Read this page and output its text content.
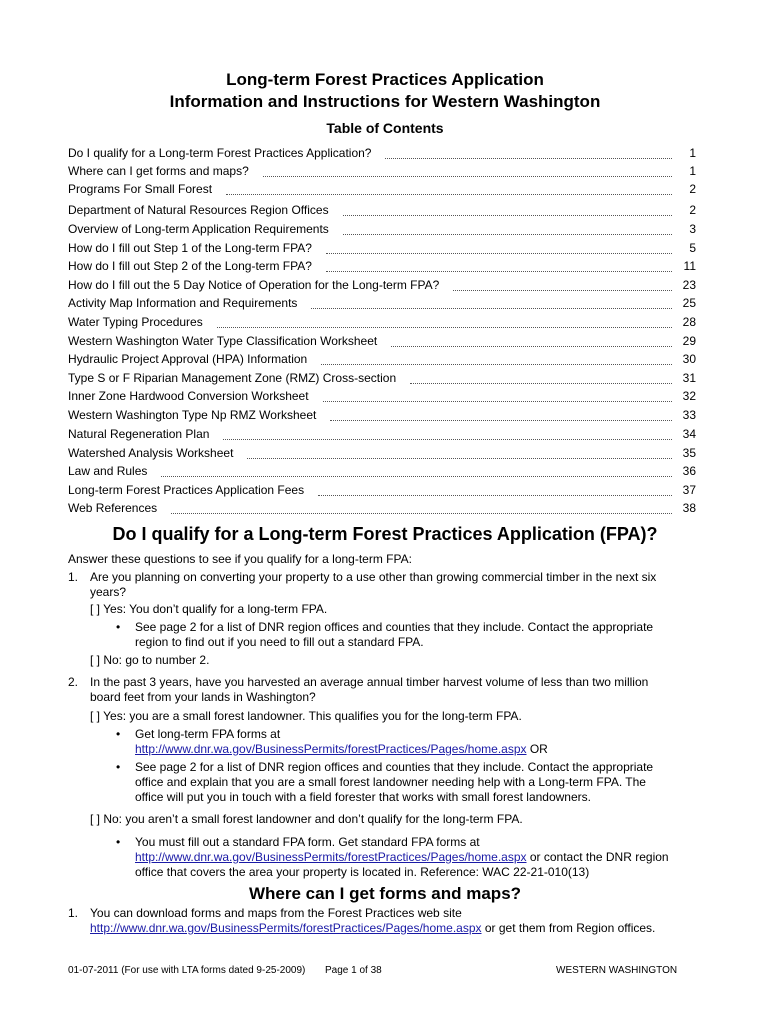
Long-term Forest Practices Application
Information and Instructions for Western Washington
Table of Contents
Do I qualify for a Long-term Forest Practices Application?	1
Where can I get forms and maps?	1
Programs For Small Forest	2
Department of Natural Resources Region Offices	2
Overview of Long-term Application Requirements	3
How do I fill out Step 1 of the Long-term FPA?	5
How do I fill out Step 2 of the Long-term FPA?	11
How do I fill out the 5 Day Notice of Operation for the Long-term FPA?	23
Activity Map Information and Requirements	25
Water Typing Procedures	28
Western Washington Water Type Classification Worksheet	29
Hydraulic Project Approval (HPA) Information	30
Type S or F Riparian Management Zone (RMZ) Cross-section	31
Inner Zone Hardwood Conversion Worksheet	32
Western Washington Type Np RMZ Worksheet	33
Natural Regeneration Plan	34
Watershed Analysis Worksheet	35
Law and Rules	36
Long-term Forest Practices Application Fees	37
Web References	38
Do I qualify for a Long-term Forest Practices Application (FPA)?
Answer these questions to see if you qualify for a long-term FPA:
1. Are you planning on converting your property to a use other than growing commercial timber in the next six
years?
[ ] Yes: You don’t qualify for a long-term FPA.
• See page 2 for a list of DNR region offices and counties that they include. Contact the appropriate
region to find out if you need to fill out a standard FPA.
[ ] No: go to number 2.
2. In the past 3 years, have you harvested an average annual timber harvest volume of less than two million
board feet from your lands in Washington?
[ ] Yes: you are a small forest landowner. This qualifies you for the long-term FPA.
• Get long-term FPA forms at
http://www.dnr.wa.gov/BusinessPermits/forestPractices/Pages/home.aspx OR
• See page 2 for a list of DNR region offices and counties that they include. Contact the appropriate
office and explain that you are a small forest landowner needing help with a Long-term FPA. The
office will put you in touch with a field forester that works with small forest landowners.
[ ] No: you aren’t a small forest landowner and don’t qualify for the long-term FPA.
• You must fill out a standard FPA form. Get standard FPA forms at
http://www.dnr.wa.gov/BusinessPermits/forestPractices/Pages/home.aspx or contact the DNR region
office that covers the area your property is located in. Reference: WAC 22-21-010(13)
Where can I get forms and maps?
1. You can download forms and maps from the Forest Practices web site
http://www.dnr.wa.gov/BusinessPermits/forestPractices/Pages/home.aspx or get them from Region offices.
01-07-2011 (For use with LTA forms dated 9-25-2009) Page 1 of 38	WESTERN WASHINGTON
